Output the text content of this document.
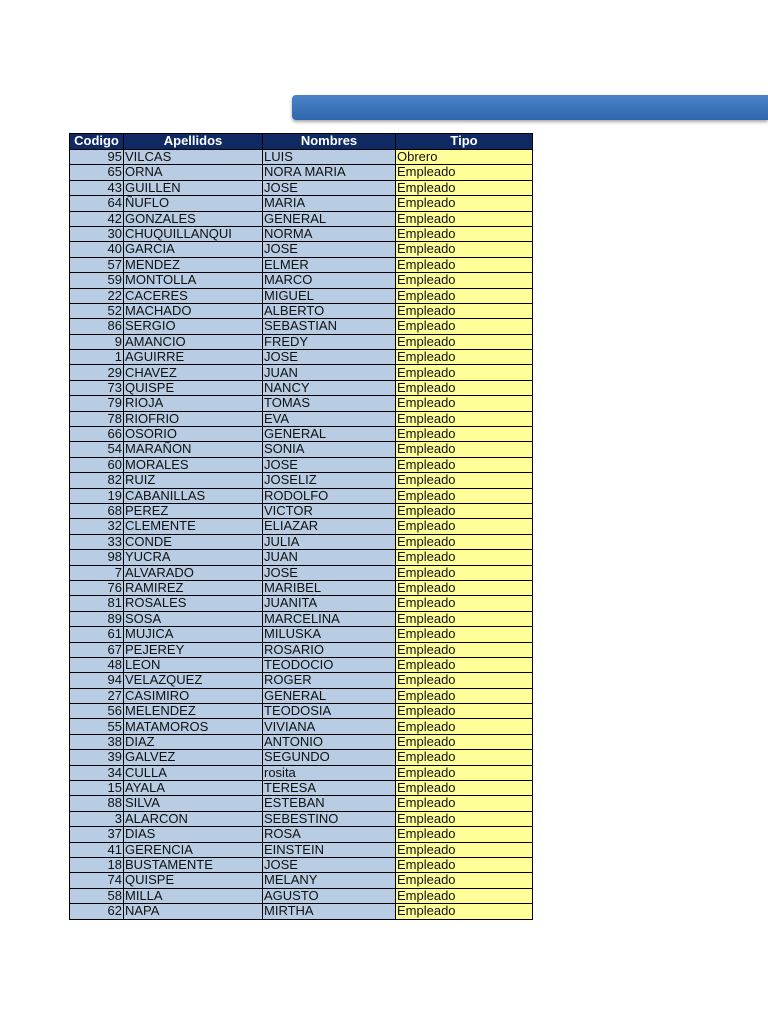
Codigo	Apellidos	Nombres	Tipo
95	VILCAS	LUIS	Obrero
65	ORNA	NORA MARIA	Empleado
43	GUILLEN	JOSE	Empleado
64	ÑUFLO	MARIA	Empleado
42	GONZALES	GENERAL	Empleado
30	CHUQUILLANQUI	NORMA	Empleado
40	GARCIA	JOSE	Empleado
57	MENDEZ	ELMER	Empleado
59	MONTOLLA	MARCO	Empleado
22	CACERES	MIGUEL	Empleado
52	MACHADO	ALBERTO	Empleado
86	SERGIO	SEBASTIAN	Empleado
9	AMANCIO	FREDY	Empleado
1	AGUIRRE	JOSE	Empleado
29	CHAVEZ	JUAN	Empleado
73	QUISPE	NANCY	Empleado
79	RIOJA	TOMAS	Empleado
78	RIOFRIO	EVA	Empleado
66	OSORIO	GENERAL	Empleado
54	MARAÑON	SONIA	Empleado
60	MORALES	JOSE	Empleado
82	RUIZ	JOSELIZ	Empleado
19	CABANILLAS	RODOLFO	Empleado
68	PEREZ	VICTOR	Empleado
32	CLEMENTE	ELIAZAR	Empleado
33	CONDE	JULIA	Empleado
98	YUCRA	JUAN	Empleado
7	ALVARADO	JOSE	Empleado
76	RAMIREZ	MARIBEL	Empleado
81	ROSALES	JUANITA	Empleado
89	SOSA	MARCELINA	Empleado
61	MUJICA	MILUSKA	Empleado
67	PEJEREY	ROSARIO	Empleado
48	LEON	TEODOCIO	Empleado
94	VELAZQUEZ	ROGER	Empleado
27	CASIMIRO	GENERAL	Empleado
56	MELENDEZ	TEODOSIA	Empleado
55	MATAMOROS	VIVIANA	Empleado
38	DIAZ	ANTONIO	Empleado
39	GALVEZ	SEGUNDO	Empleado
34	CULLA	rosita	Empleado
15	AYALA	TERESA	Empleado
88	SILVA	ESTEBAN	Empleado
3	ALARCON	SEBESTINO	Empleado
37	DIAS	ROSA	Empleado
41	GERENCIA	EINSTEIN	Empleado
18	BUSTAMENTE	JOSE	Empleado
74	QUISPE	MELANY	Empleado
58	MILLA	AGUSTO	Empleado
62	NAPA	MIRTHA	Empleado
